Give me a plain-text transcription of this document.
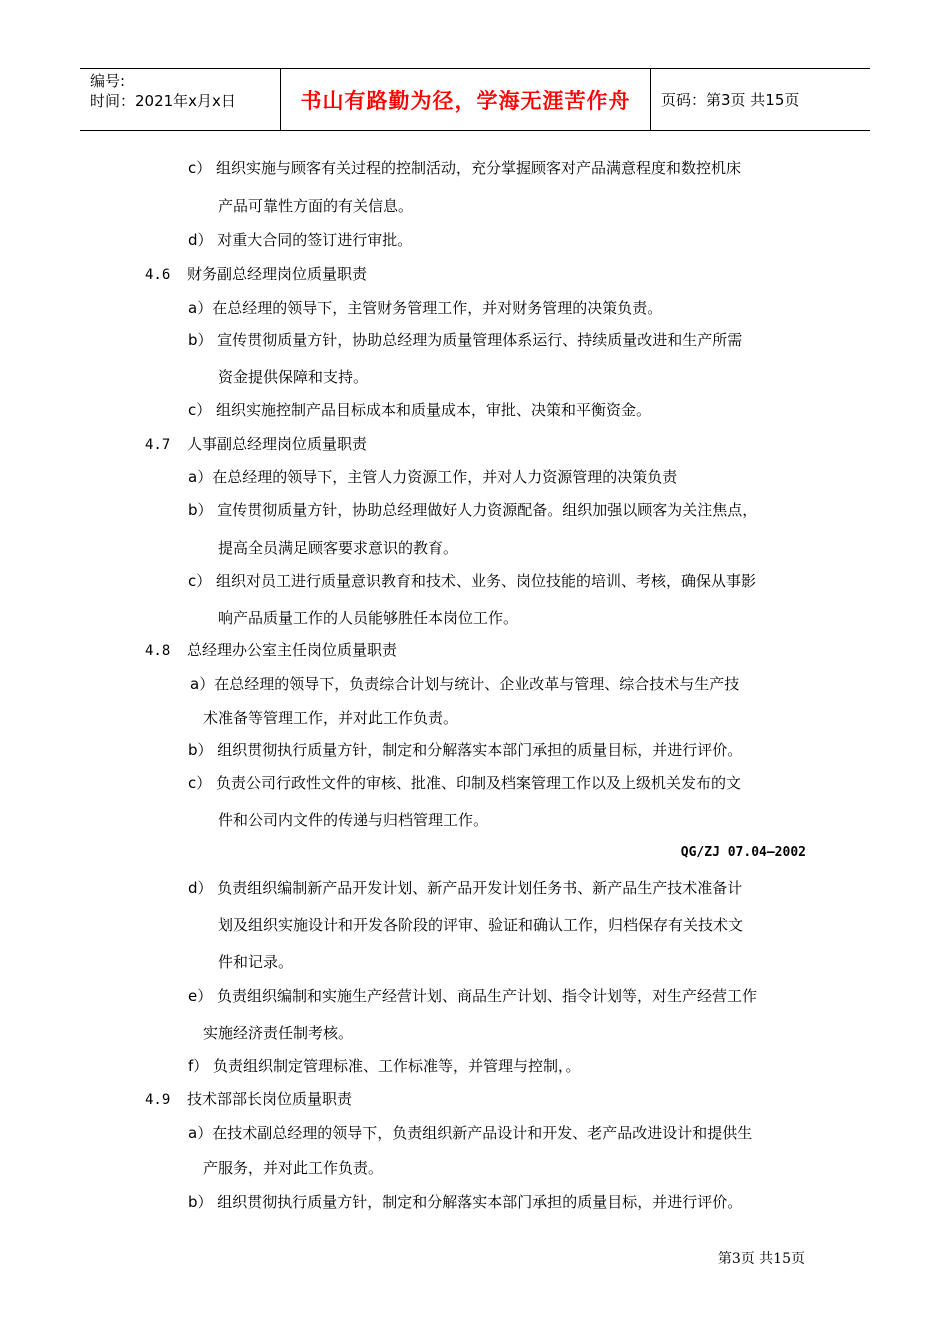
编号:
时间：2021年x月x日	书山有路勤为径，学海无涯苦作舟	页码：第3页 共15页
c） 组织实施与顾客有关过程的控制活动，充分掌握顾客对产品满意程度和数控机床
产品可靠性方面的有关信息。
d） 对重大合同的签订进行审批。
4.6 财务副总经理岗位质量职责
a）在总经理的领导下，主管财务管理工作，并对财务管理的决策负责。
b） 宣传贯彻质量方针，协助总经理为质量管理体系运行、持续质量改进和生产所需
资金提供保障和支持。
c） 组织实施控制产品目标成本和质量成本，审批、决策和平衡资金。
4.7 人事副总经理岗位质量职责
a）在总经理的领导下，主管人力资源工作，并对人力资源管理的决策负责
b） 宣传贯彻质量方针，协助总经理做好人力资源配备。组织加强以顾客为关注焦点，
提高全员满足顾客要求意识的教育。
c） 组织对员工进行质量意识教育和技术、业务、岗位技能的培训、考核，确保从事影
响产品质量工作的人员能够胜任本岗位工作。
4.8 总经理办公室主任岗位质量职责
a）在总经理的领导下，负责综合计划与统计、企业改革与管理、综合技术与生产技
术准备等管理工作，并对此工作负责。
b） 组织贯彻执行质量方针，制定和分解落实本部门承担的质量目标，并进行评价。
c） 负责公司行政性文件的审核、批准、印制及档案管理工作以及上级机关发布的文
件和公司内文件的传递与归档管理工作。
QG/ZJ 07.04–2002
d） 负责组织编制新产品开发计划、新产品开发计划任务书、新产品生产技术准备计
划及组织实施设计和开发各阶段的评审、验证和确认工作，归档保存有关技术文
件和记录。
e） 负责组织编制和实施生产经营计划、商品生产计划、指令计划等，对生产经营工作
实施经济责任制考核。
f） 负责组织制定管理标准、工作标准等，并管理与控制，。
4.9 技术部部长岗位质量职责
a）在技术副总经理的领导下，负责组织新产品设计和开发、老产品改进设计和提供生
产服务，并对此工作负责。
b） 组织贯彻执行质量方针，制定和分解落实本部门承担的质量目标，并进行评价。
第3页 共15页
